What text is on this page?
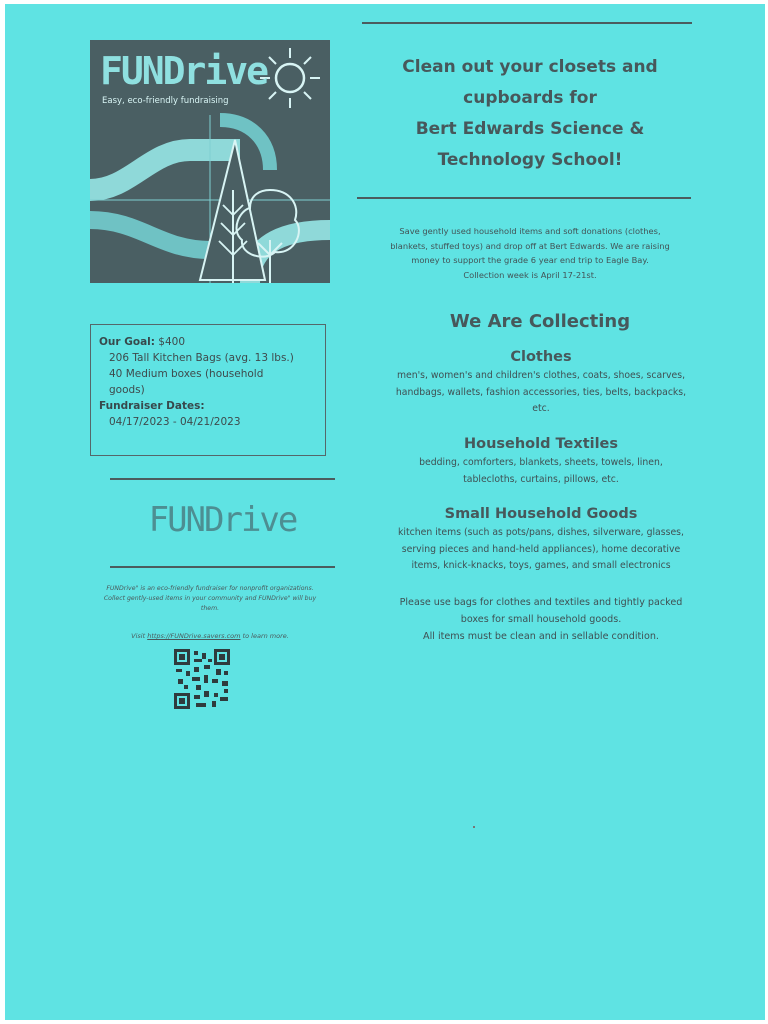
FUNDrive
Easy, eco-friendly fundraising
Our Goal: $400
206 Tall Kitchen Bags (avg. 13 lbs.)
40 Medium boxes (household
goods)
Fundraiser Dates:
04/17/2023 - 04/21/2023
FUNDrive
FUNDrive" is an eco-friendly fundraiser for nonprofit organizations.
Collect gently-used items in your community and FUNDrive" will buy
them.
Visit https://FUNDrive.savers.com to learn more.
Clean out your closets and
cupboards for
Bert Edwards Science &
Technology School!
Save gently used household items and soft donations (clothes,
blankets, stuffed toys) and drop off at Bert Edwards. We are raising
money to support the grade 6 year end trip to Eagle Bay.
Collection week is April 17-21st.
We Are Collecting
Clothes
men's, women's and children's clothes, coats, shoes, scarves,
handbags, wallets, fashion accessories, ties, belts, backpacks,
etc.
Household Textiles
bedding, comforters, blankets, sheets, towels, linen,
tablecloths, curtains, pillows, etc.
Small Household Goods
kitchen items (such as pots/pans, dishes, silverware, glasses,
serving pieces and hand-held appliances), home decorative
items, knick-knacks, toys, games, and small electronics
Please use bags for clothes and textiles and tightly packed
boxes for small household goods.
All items must be clean and in sellable condition.
